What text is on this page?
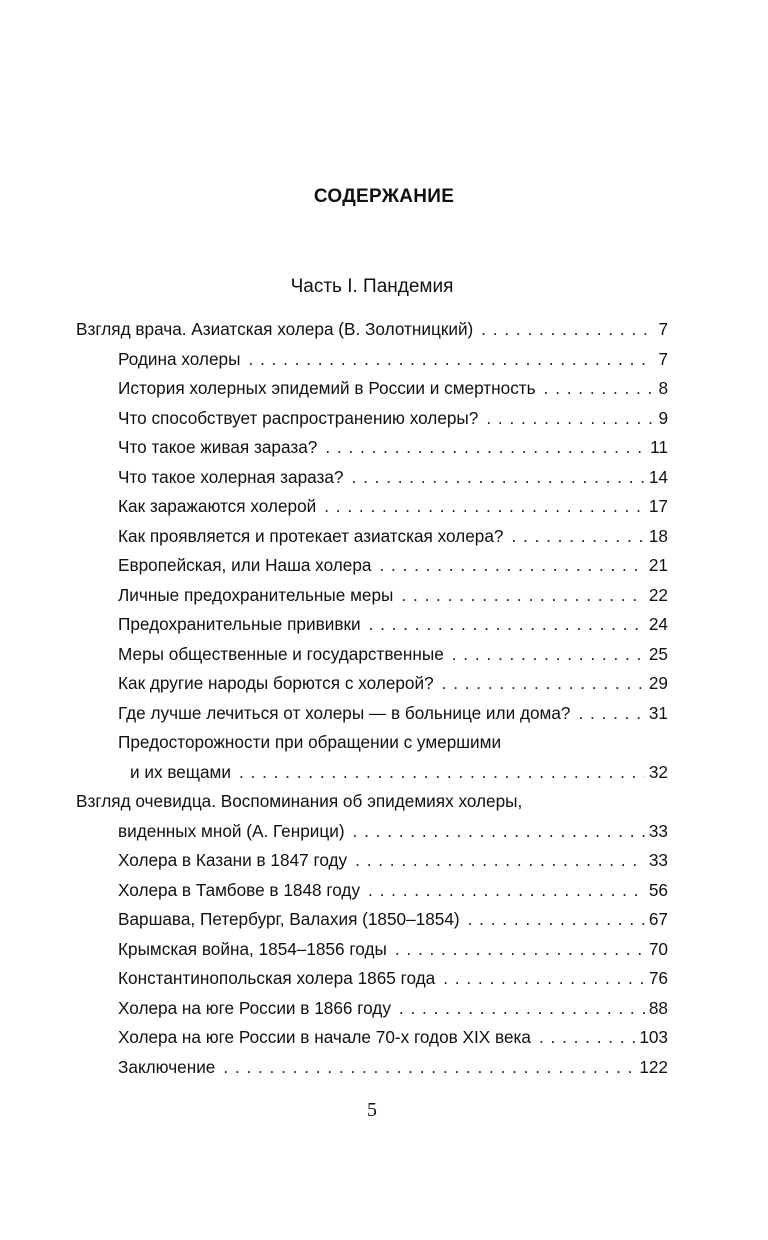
СОДЕРЖАНИЕ
Часть I. Пандемия
Взгляд врача. Азиатская холера (В. Золотницкий) . . .	7
Родина холеры . . .	7
История холерных эпидемий в России и смертность . . .	8
Что способствует распространению холеры? . . .	9
Что такое живая зараза? . . .	11
Что такое холерная зараза? . . .	14
Как заражаются холерой . . .	17
Как проявляется и протекает азиатская холера? . . .	18
Европейская, или Наша холера . . .	21
Личные предохранительные меры . . .	22
Предохранительные прививки . . .	24
Меры общественные и государственные . . .	25
Как другие народы борются с холерой? . . .	29
Где лучше лечиться от холеры — в больнице или дома? . . .	31
Предосторожности при обращении с умершими
и их вещами . . .	32
Взгляд очевидца. Воспоминания об эпидемиях холеры,
виденных мной (А. Генрици) . . .	33
Холера в Казани в 1847 году . . .	33
Холера в Тамбове в 1848 году . . .	56
Варшава, Петербург, Валахия (1850–1854) . . .	67
Крымская война, 1854–1856 годы . . .	70
Константинопольская холера 1865 года . . .	76
Холера на юге России в 1866 году . . .	88
Холера на юге России в начале 70-х годов XIX века . . .	103
Заключение . . .	122
5
